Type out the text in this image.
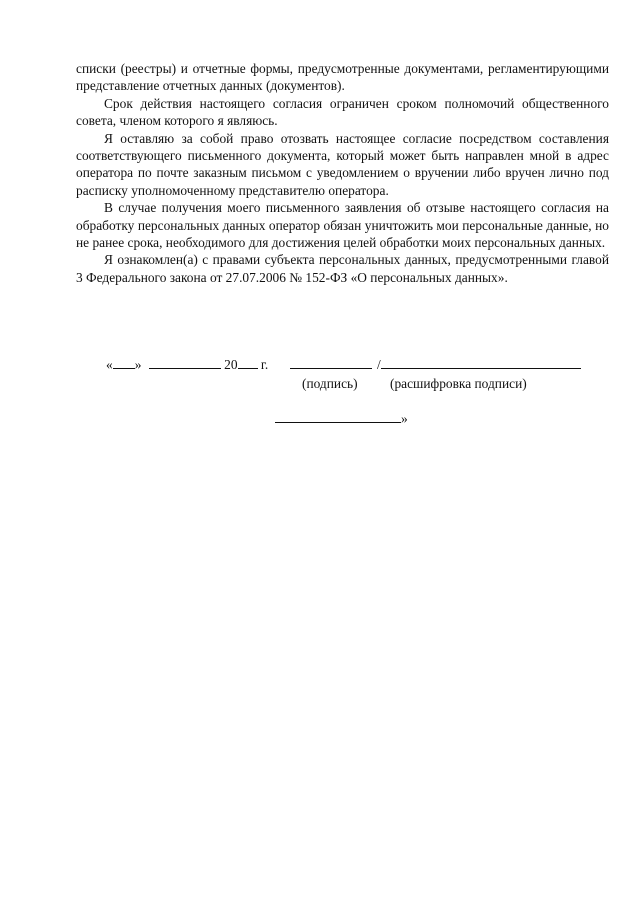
списки (реестры) и отчетные формы, предусмотренные документами, регламентирующими представление отчетных данных (документов).

Срок действия настоящего согласия ограничен сроком полномочий общественного совета, членом которого я являюсь.

Я оставляю за собой право отозвать настоящее согласие посредством составления соответствующего письменного документа, который может быть направлен мной в адрес оператора по почте заказным письмом с уведомлением о вручении либо вручен лично под расписку уполномоченному представителю оператора.

В случае получения моего письменного заявления об отзыве настоящего согласия на обработку персональных данных оператор обязан уничтожить мои персональные данные, но не ранее срока, необходимого для достижения целей обработки моих персональных данных.

Я ознакомлен(а) с правами субъекта персональных данных, предусмотренными главой 3 Федерального закона от 27.07.2006 № 152-ФЗ «О персональных данных».

« »	20 г.	/
(подпись) (расшифровка подписи)
»
